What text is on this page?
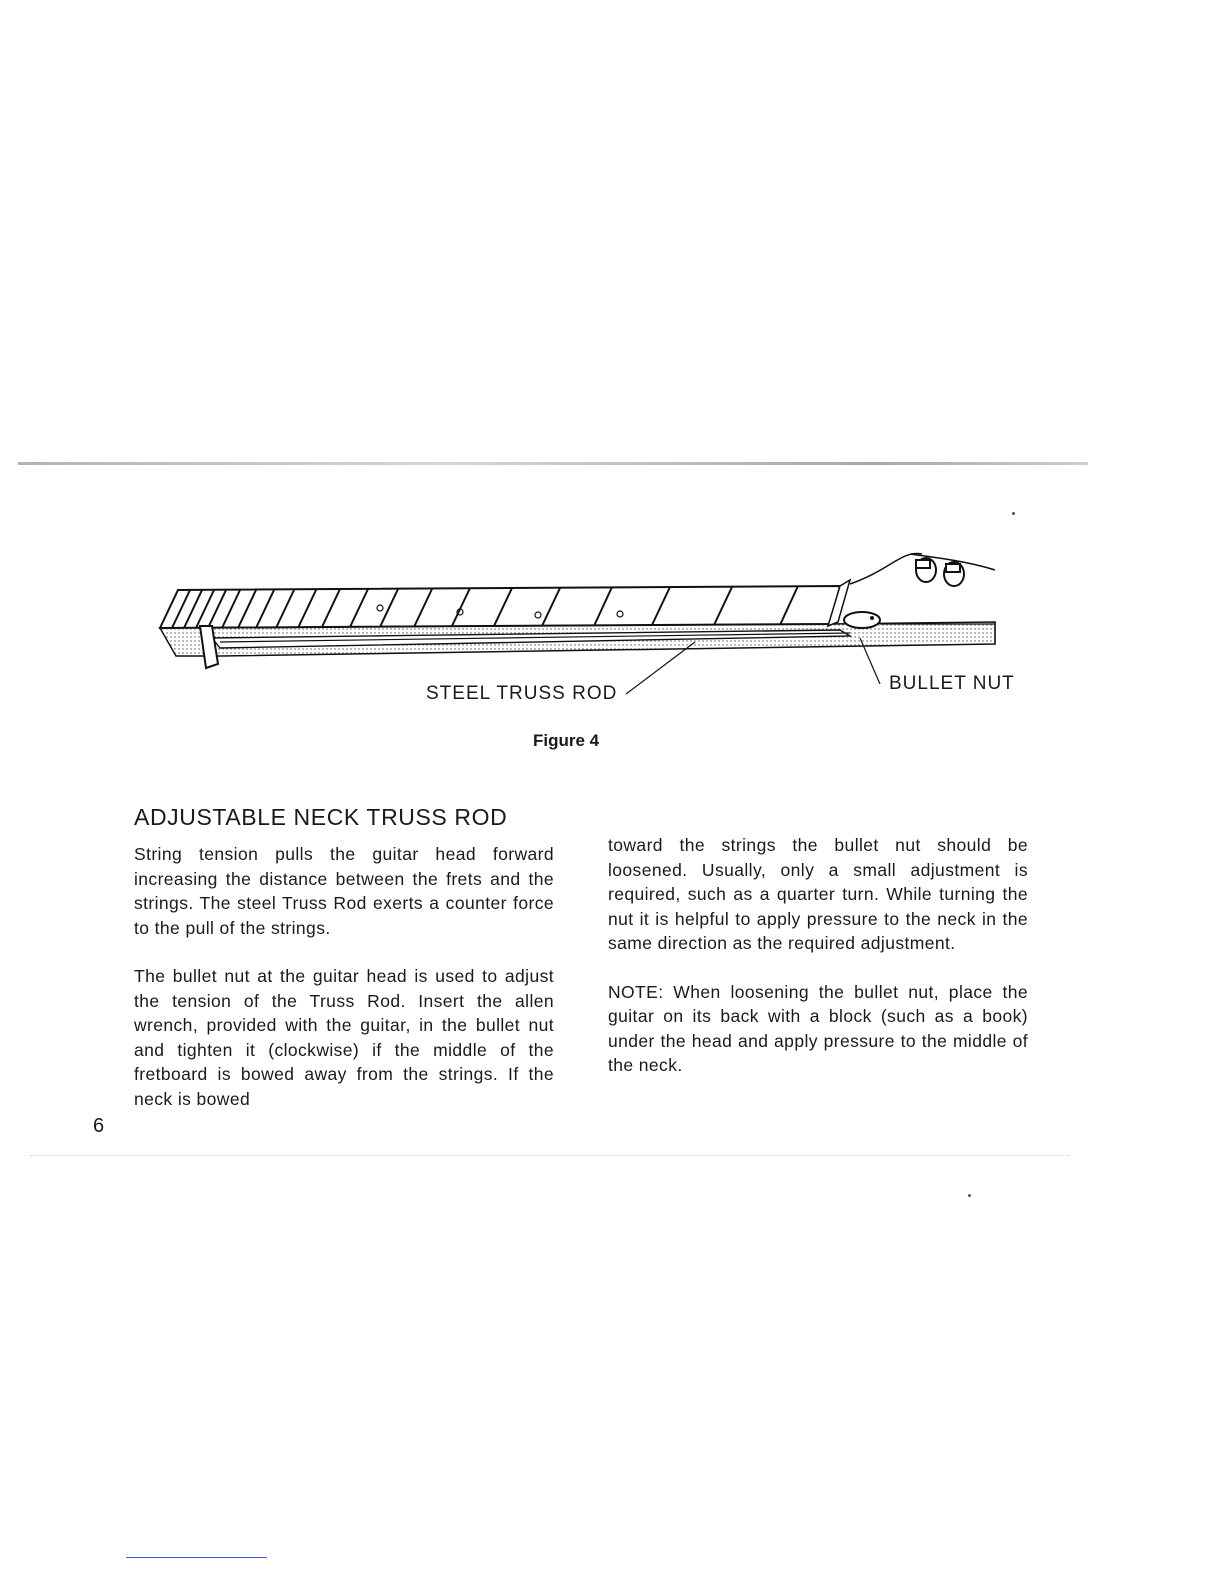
STEEL TRUSS ROD	BULLET NUT
Figure 4
ADJUSTABLE NECK TRUSS ROD

String tension pulls the guitar head forward increasing the distance between the frets and the strings. The steel Truss Rod exerts a counter force to the pull of the strings.

The bullet nut at the guitar head is used to adjust the tension of the Truss Rod. Insert the allen wrench, provided with the guitar, in the bullet nut and tighten it (clockwise) if the middle of the fretboard is bowed away from the strings. If the neck is bowed

toward the strings the bullet nut should be loosened. Usually, only a small adjustment is required, such as a quarter turn. While turning the nut it is helpful to apply pressure to the neck in the same direction as the required adjustment.

NOTE: When loosening the bullet nut, place the guitar on its back with a block (such as a book) under the head and apply pressure to the middle of the neck.

6
